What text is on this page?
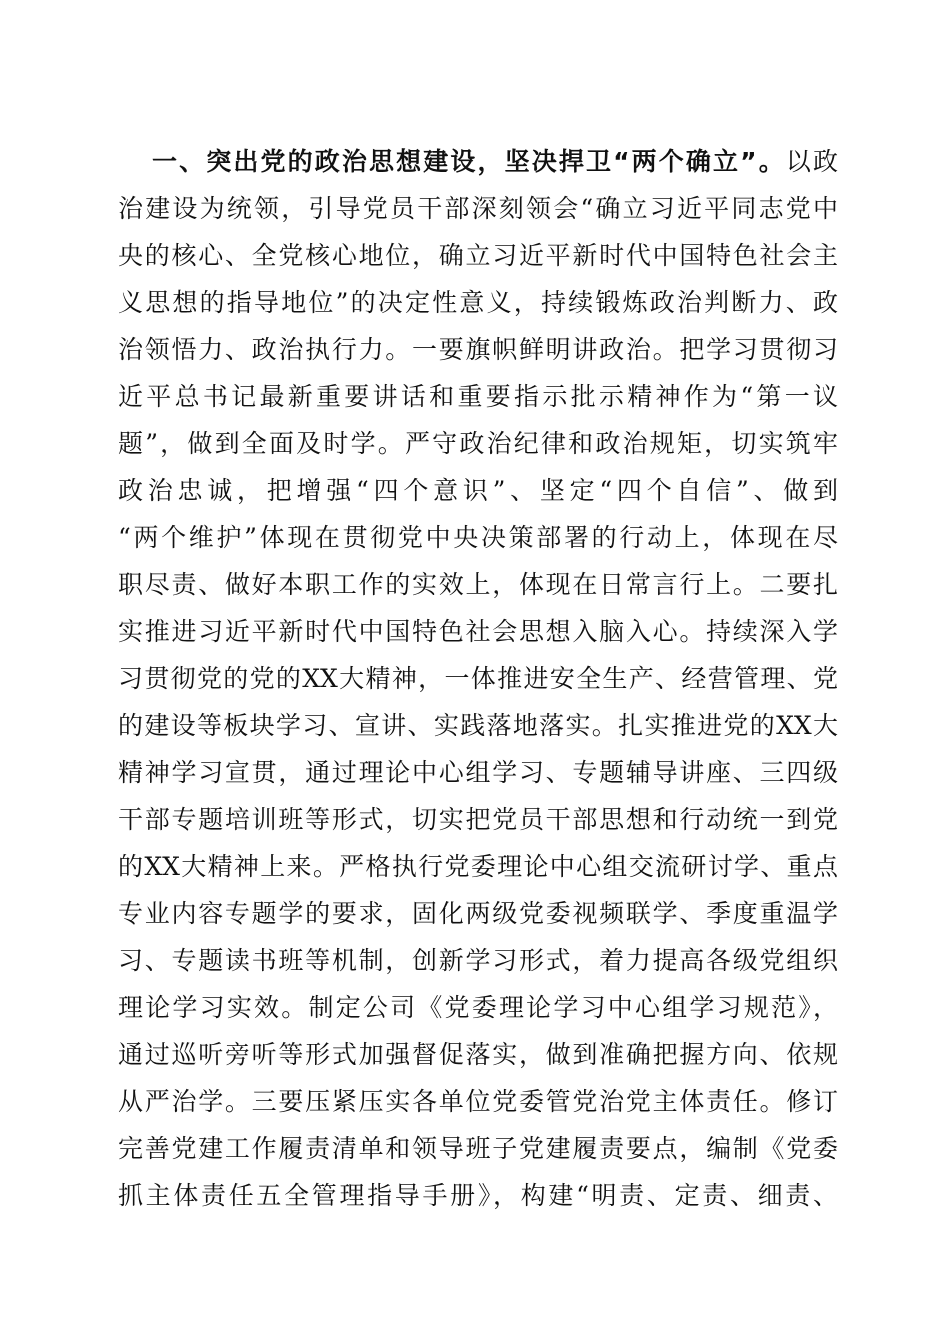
一、突出党的政治思想建设，坚决捍卫“两个确立”。以政
治建设为统领，引导党员干部深刻领会“确立习近平同志党中
央的核心、全党核心地位，确立习近平新时代中国特色社会主
义思想的指导地位”的决定性意义，持续锻炼政治判断力、政
治领悟力、政治执行力。一要旗帜鲜明讲政治。把学习贯彻习
近平总书记最新重要讲话和重要指示批示精神作为“第一议
题”，做到全面及时学。严守政治纪律和政治规矩，切实筑牢
政治忠诚，把增强“四个意识”、坚定“四个自信”、做到
“两个维护”体现在贯彻党中央决策部署的行动上，体现在尽
职尽责、做好本职工作的实效上，体现在日常言行上。二要扎
实推进习近平新时代中国特色社会思想入脑入心。持续深入学
习贯彻党的党的XX大精神，一体推进安全生产、经营管理、党
的建设等板块学习、宣讲、实践落地落实。扎实推进党的XX大
精神学习宣贯，通过理论中心组学习、专题辅导讲座、三四级
干部专题培训班等形式，切实把党员干部思想和行动统一到党
的XX大精神上来。严格执行党委理论中心组交流研讨学、重点
专业内容专题学的要求，固化两级党委视频联学、季度重温学
习、专题读书班等机制，创新学习形式，着力提高各级党组织
理论学习实效。制定公司《党委理论学习中心组学习规范》，
通过巡听旁听等形式加强督促落实，做到准确把握方向、依规
从严治学。三要压紧压实各单位党委管党治党主体责任。修订
完善党建工作履责清单和领导班子党建履责要点，编制《党委
抓主体责任五全管理指导手册》，构建“明责、定责、细责、
